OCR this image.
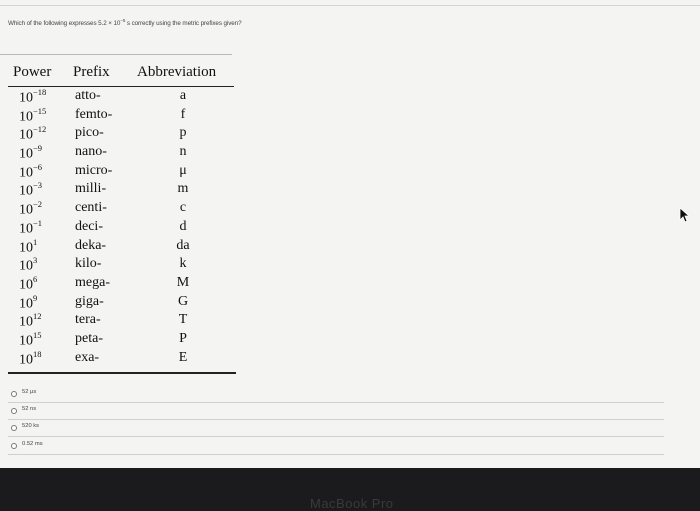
Which of the following expresses $5.2 \times 10^{-5}$ s correctly using the metric prefixes given?
Power Prefix Abbreviation
$10^{-18}$ atto-	a
$10^{-15}$ femto-	f
$10^{-12}$ pico-	p
$10^{-9}$ nano-	n
$10^{-6}$ micro-	μ
$10^{-3}$ milli-	m
$10^{-2}$ centi-	c
$10^{-1}$ deci-	d
$10^1$	deka-	da
$10^3$	kilo-	k
$10^6$	mega-	M
$10^9$	giga-	G
$10^{12}$ tera-	T
$10^{15}$ peta-	P
$10^{18}$ exa-	E
52 μs
52 ns
520 ks
0.52 ms
MacBook Pro
